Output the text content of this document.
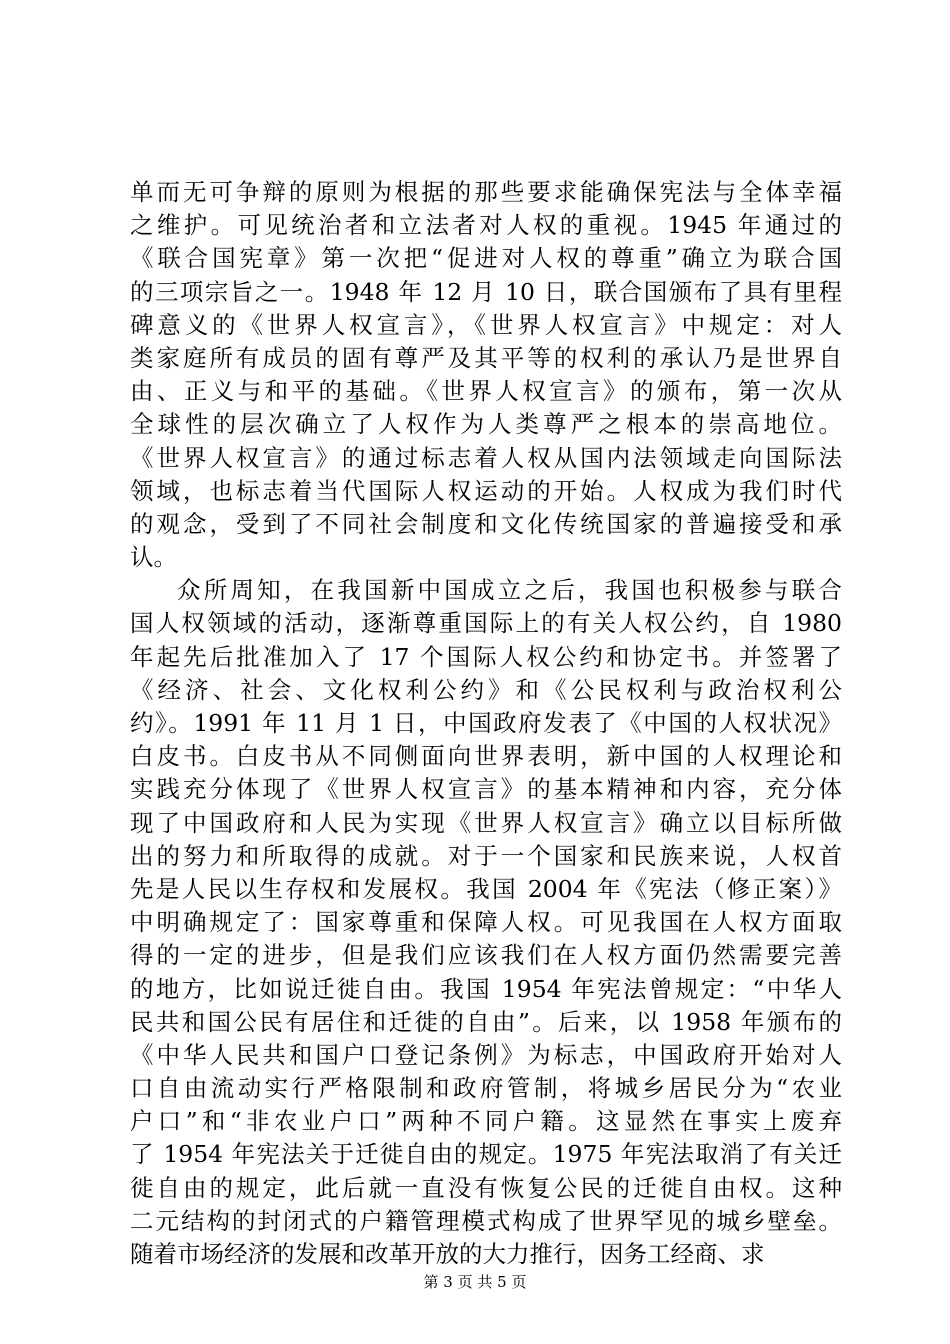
单而无可争辩的原则为根据的那些要求能确保宪法与全体幸福
之维护。可见统治者和立法者对人权的重视。1945 年通过的
《联合国宪章》第一次把“促进对人权的尊重”确立为联合国
的三项宗旨之一。1948 年 12 月 10 日，联合国颁布了具有里程
碑意义的《世界人权宣言》，《世界人权宣言》中规定：对人
类家庭所有成员的固有尊严及其平等的权利的承认乃是世界自
由、正义与和平的基础。《世界人权宣言》的颁布，第一次从
全球性的层次确立了人权作为人类尊严之根本的崇高地位。
《世界人权宣言》的通过标志着人权从国内法领域走向国际法
领域，也标志着当代国际人权运动的开始。人权成为我们时代
的观念，受到了不同社会制度和文化传统国家的普遍接受和承
认。
众所周知，在我国新中国成立之后，我国也积极参与联合
国人权领域的活动，逐渐尊重国际上的有关人权公约，自 1980
年起先后批准加入了 17 个国际人权公约和协定书。并签署了
《经济、社会、文化权利公约》和《公民权利与政治权利公
约》。1991 年 11 月 1 日，中国政府发表了《中国的人权状况》
白皮书。白皮书从不同侧面向世界表明，新中国的人权理论和
实践充分体现了《世界人权宣言》的基本精神和内容，充分体
现了中国政府和人民为实现《世界人权宣言》确立以目标所做
出的努力和所取得的成就。对于一个国家和民族来说，人权首
先是人民以生存权和发展权。我国 2004 年《宪法（修正案）》
中明确规定了：国家尊重和保障人权。可见我国在人权方面取
得的一定的进步，但是我们应该我们在人权方面仍然需要完善
的地方，比如说迁徙自由。我国 1954 年宪法曾规定：“中华人
民共和国公民有居住和迁徙的自由”。后来，以 1958 年颁布的
《中华人民共和国户口登记条例》为标志，中国政府开始对人
口自由流动实行严格限制和政府管制，将城乡居民分为“农业
户口”和“非农业户口”两种不同户籍。这显然在事实上废弃
了 1954 年宪法关于迁徙自由的规定。1975 年宪法取消了有关迁
徙自由的规定，此后就一直没有恢复公民的迁徙自由权。这种
二元结构的封闭式的户籍管理模式构成了世界罕见的城乡壁垒。
随着市场经济的发展和改革开放的大力推行，因务工经商、求
第 3 页 共 5 页
